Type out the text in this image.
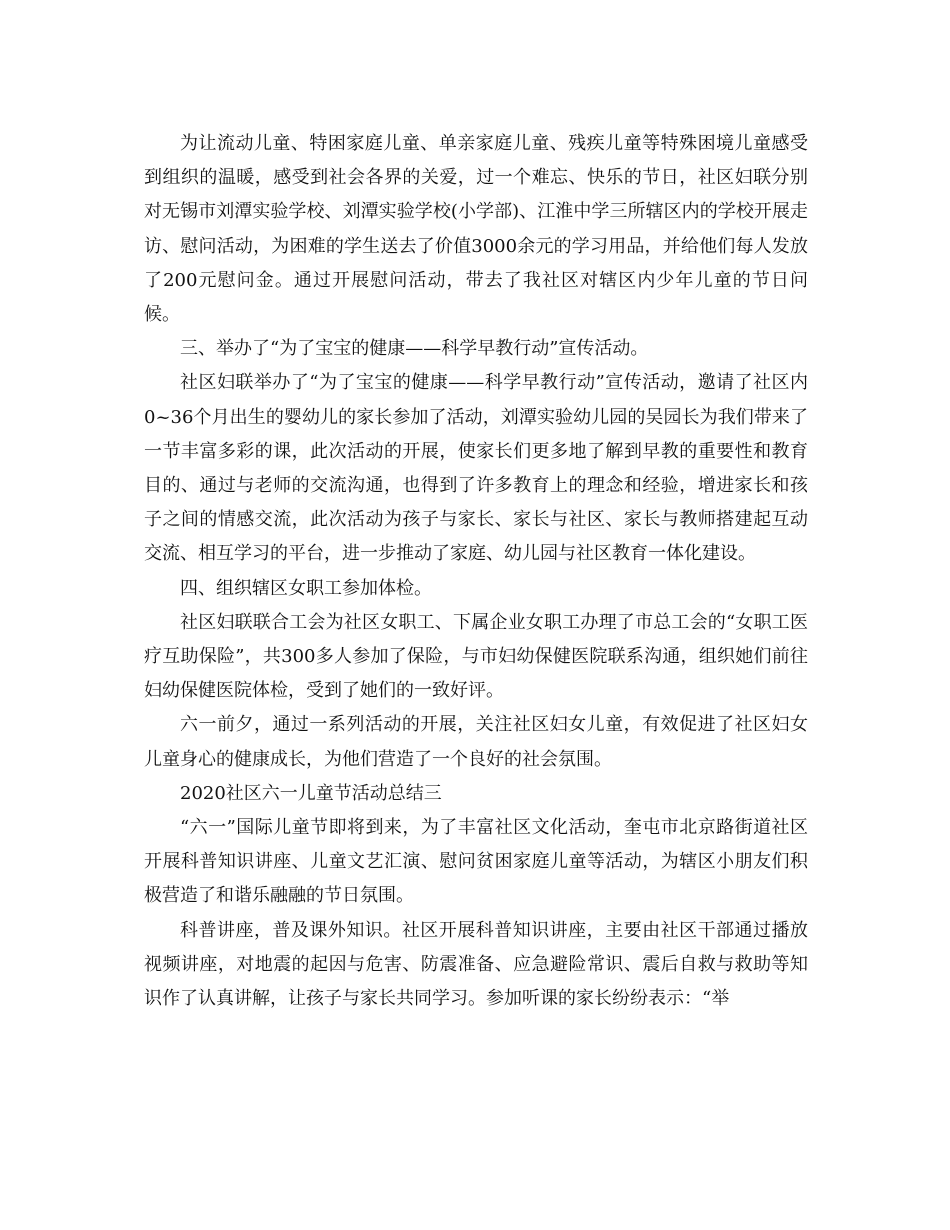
为让流动儿童、特困家庭儿童、单亲家庭儿童、残疾儿童等特殊困境儿童感受到组织的温暖，感受到社会各界的关爱，过一个难忘、快乐的节日，社区妇联分别对无锡市刘潭实验学校、刘潭实验学校(小学部)、江淮中学三所辖区内的学校开展走访、慰问活动，为困难的学生送去了价值3000余元的学习用品，并给他们每人发放了200元慰问金。通过开展慰问活动，带去了我社区对辖区内少年儿童的节日问候。

三、举办了“为了宝宝的健康——科学早教行动”宣传活动。

社区妇联举办了“为了宝宝的健康——科学早教行动”宣传活动，邀请了社区内0~36个月出生的婴幼儿的家长参加了活动，刘潭实验幼儿园的吴园长为我们带来了一节丰富多彩的课，此次活动的开展，使家长们更多地了解到早教的重要性和教育目的、通过与老师的交流沟通，也得到了许多教育上的理念和经验，增进家长和孩子之间的情感交流，此次活动为孩子与家长、家长与社区、家长与教师搭建起互动交流、相互学习的平台，进一步推动了家庭、幼儿园与社区教育一体化建设。

四、组织辖区女职工参加体检。

社区妇联联合工会为社区女职工、下属企业女职工办理了市总工会的“女职工医疗互助保险”，共300多人参加了保险，与市妇幼保健医院联系沟通，组织她们前往妇幼保健医院体检，受到了她们的一致好评。

六一前夕，通过一系列活动的开展，关注社区妇女儿童，有效促进了社区妇女儿童身心的健康成长，为他们营造了一个良好的社会氛围。

2020社区六一儿童节活动总结三

“六一”国际儿童节即将到来，为了丰富社区文化活动，奎屯市北京路街道社区开展科普知识讲座、儿童文艺汇演、慰问贫困家庭儿童等活动，为辖区小朋友们积极营造了和谐乐融融的节日氛围。

科普讲座，普及课外知识。社区开展科普知识讲座，主要由社区干部通过播放视频讲座，对地震的起因与危害、防震准备、应急避险常识、震后自救与救助等知识作了认真讲解，让孩子与家长共同学习。参加听课的家长纷纷表示：“举
